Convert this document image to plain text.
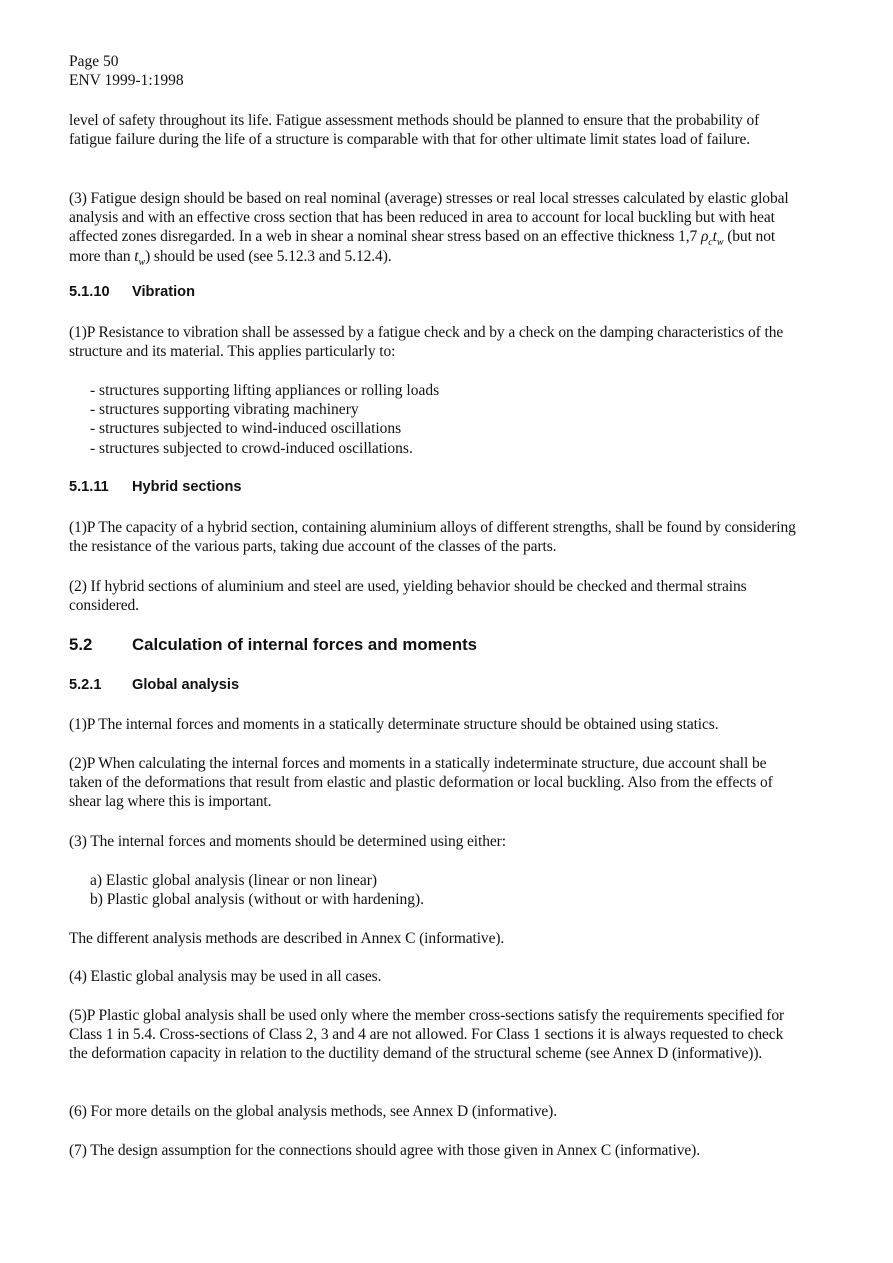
Page 50
ENV 1999-1:1998
level of safety throughout its life. Fatigue assessment methods should be planned to ensure that the probability of fatigue failure during the life of a structure is comparable with that for other ultimate limit states load of failure.
(3) Fatigue design should be based on real nominal (average) stresses or real local stresses calculated by elastic global analysis and with an effective cross section that has been reduced in area to account for local buckling but with heat affected zones disregarded. In a web in shear a nominal shear stress based on an effective thickness 1,7 $\rho_ct_w$ (but not more than $t_w$) should be used (see 5.12.3 and 5.12.4).
5.1.10 Vibration
(1)P Resistance to vibration shall be assessed by a fatigue check and by a check on the damping characteristics of the structure and its material. This applies particularly to:
- structures supporting lifting appliances or rolling loads
- structures supporting vibrating machinery
- structures subjected to wind-induced oscillations
- structures subjected to crowd-induced oscillations.
5.1.11 Hybrid sections
(1)P The capacity of a hybrid section, containing aluminium alloys of different strengths, shall be found by considering the resistance of the various parts, taking due account of the classes of the parts.
(2) If hybrid sections of aluminium and steel are used, yielding behavior should be checked and thermal strains considered.
5.2 Calculation of internal forces and moments
5.2.1 Global analysis
(1)P The internal forces and moments in a statically determinate structure should be obtained using statics.
(2)P When calculating the internal forces and moments in a statically indeterminate structure, due account shall be taken of the deformations that result from elastic and plastic deformation or local buckling. Also from the effects of shear lag where this is important.
(3) The internal forces and moments should be determined using either:
a) Elastic global analysis (linear or non linear)
b) Plastic global analysis (without or with hardening).
The different analysis methods are described in Annex C (informative).
(4) Elastic global analysis may be used in all cases.
(5)P Plastic global analysis shall be used only where the member cross-sections satisfy the requirements specified for Class 1 in 5.4. Cross-sections of Class 2, 3 and 4 are not allowed. For Class 1 sections it is always requested to check the deformation capacity in relation to the ductility demand of the structural scheme (see Annex D (informative)).
(6) For more details on the global analysis methods, see Annex D (informative).
(7) The design assumption for the connections should agree with those given in Annex C (informative).
